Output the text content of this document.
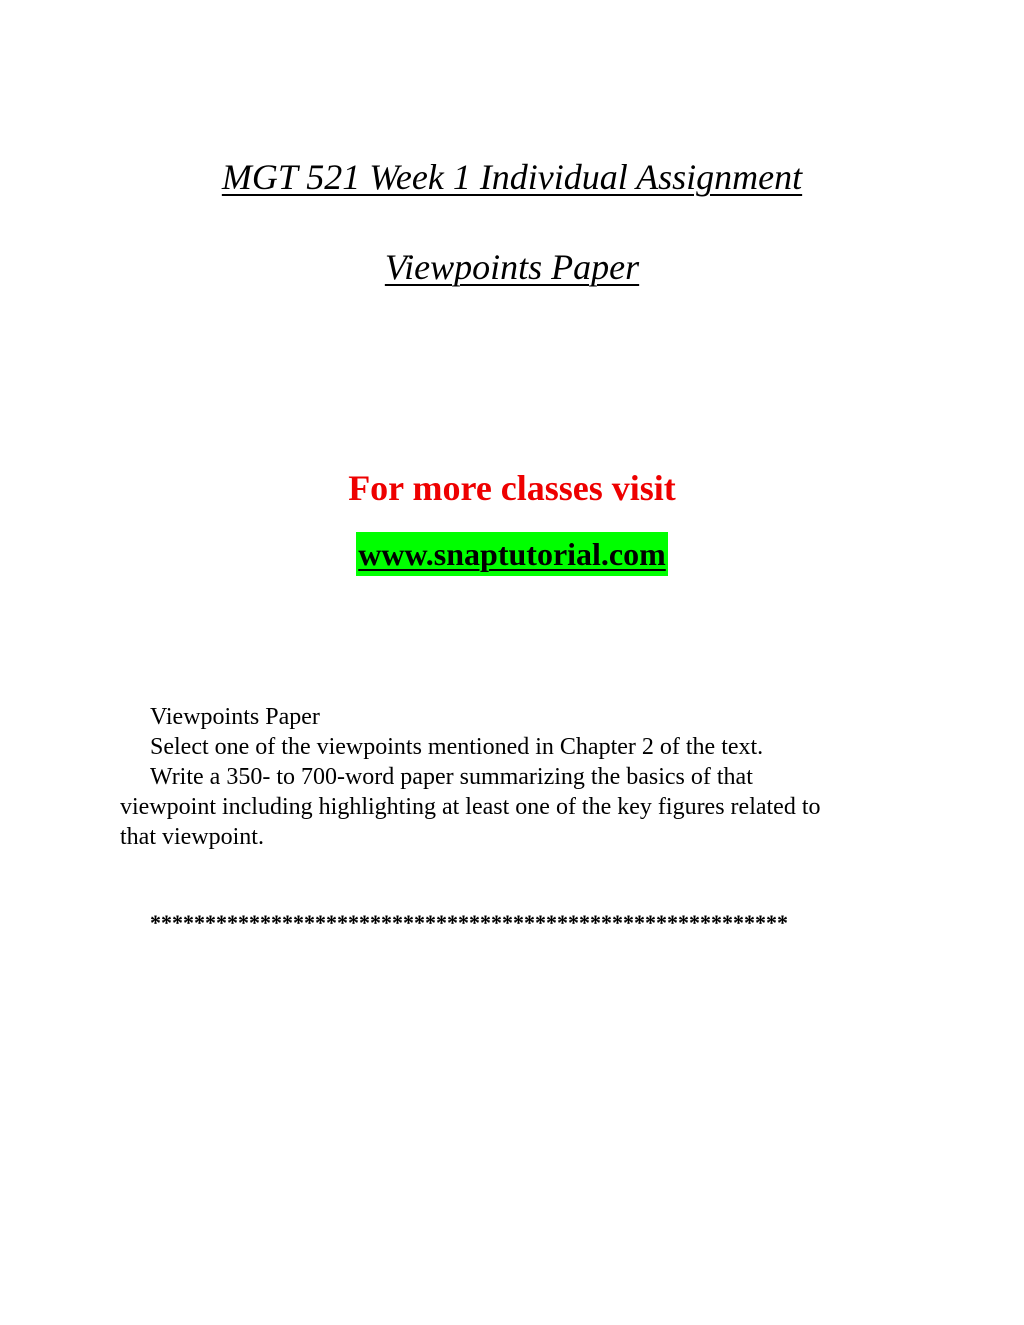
MGT 521 Week 1 Individual Assignment
Viewpoints Paper
For more classes visit
www.snaptutorial.com
Viewpoints Paper
Select one of the viewpoints mentioned in Chapter 2 of the text.
Write a 350- to 700-word paper summarizing the basics of that
viewpoint including highlighting at least one of the key figures related to
that viewpoint.
**********************************************************
